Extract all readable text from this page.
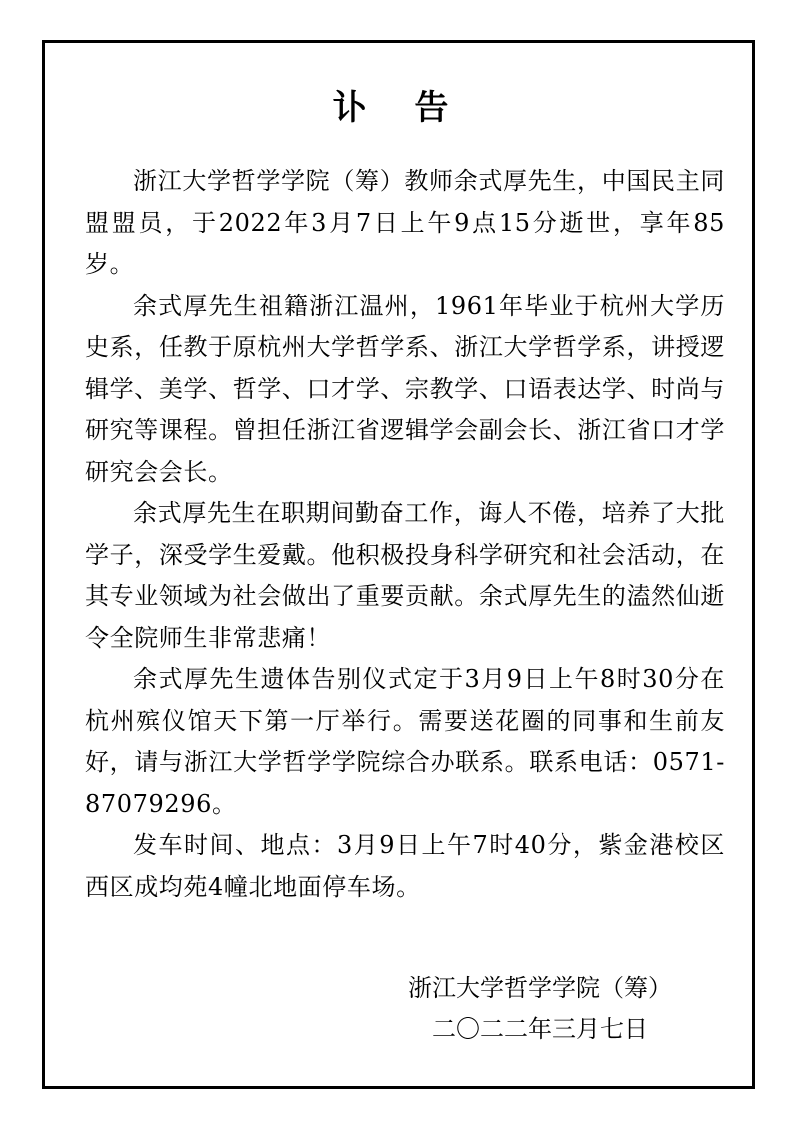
讣 告

浙江大学哲学学院（筹）教师余式厚先生，中国民主同盟盟员，于2022年3月7日上午9点15分逝世，享年85岁。

余式厚先生祖籍浙江温州，1961年毕业于杭州大学历史系，任教于原杭州大学哲学系、浙江大学哲学系，讲授逻辑学、美学、哲学、口才学、宗教学、口语表达学、时尚与研究等课程。曾担任浙江省逻辑学会副会长、浙江省口才学研究会会长。

余式厚先生在职期间勤奋工作，诲人不倦，培养了大批学子，深受学生爱戴。他积极投身科学研究和社会活动，在其专业领域为社会做出了重要贡献。余式厚先生的溘然仙逝令全院师生非常悲痛！

余式厚先生遗体告别仪式定于3月9日上午8时30分在杭州殡仪馆天下第一厅举行。需要送花圈的同事和生前友好，请与浙江大学哲学学院综合办联系。联系电话：0571-87079296。

发车时间、地点：3月9日上午7时40分，紫金港校区西区成均苑4幢北地面停车场。

浙江大学哲学学院（筹）
二〇二二年三月七日
